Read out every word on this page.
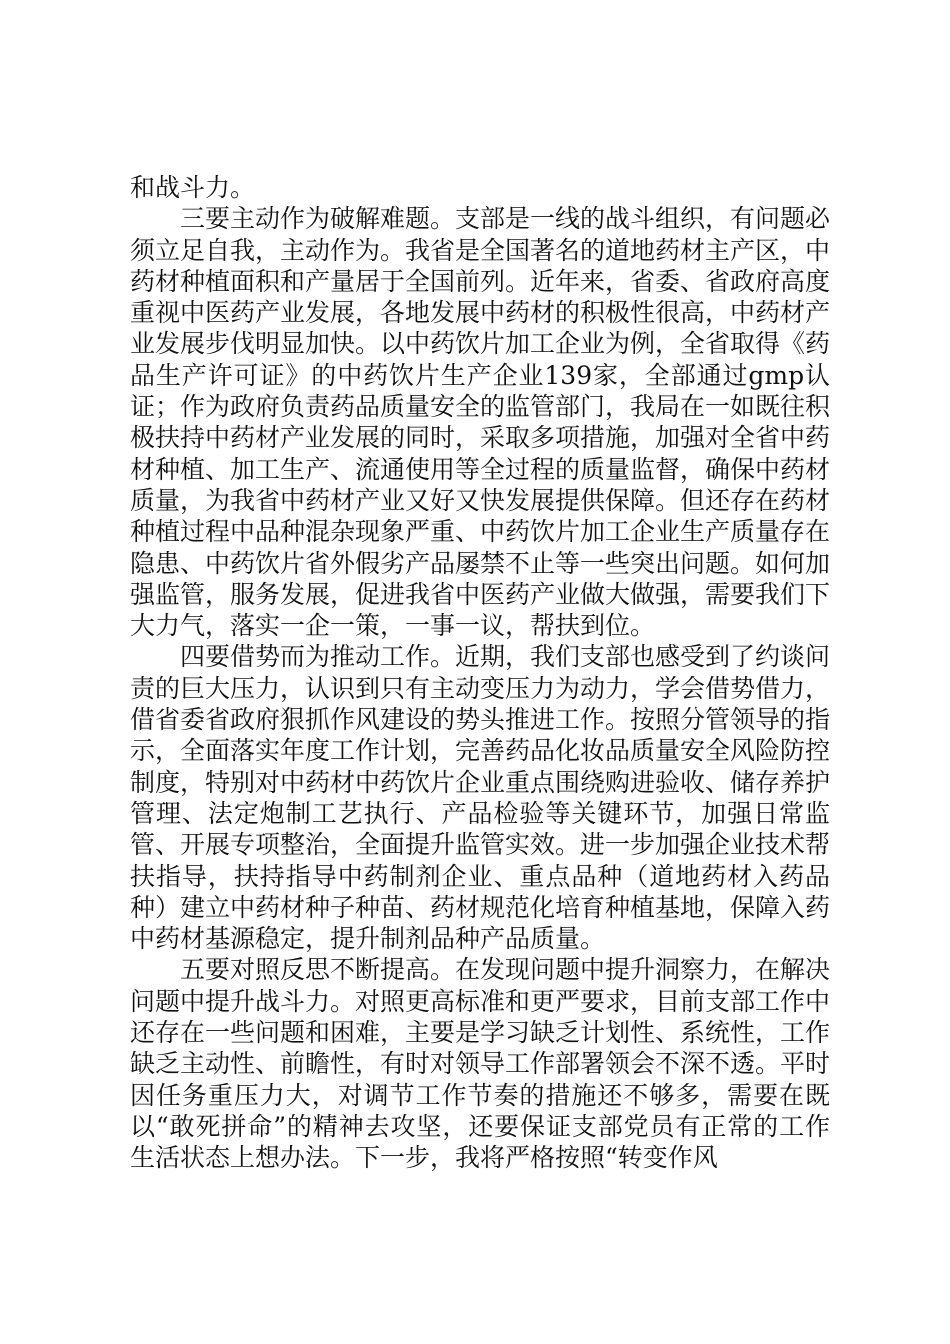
和战斗力。

三要主动作为破解难题。支部是一线的战斗组织，有问题必须立足自我，主动作为。我省是全国著名的道地药材主产区，中药材种植面积和产量居于全国前列。近年来，省委、省政府高度重视中医药产业发展，各地发展中药材的积极性很高，中药材产业发展步伐明显加快。以中药饮片加工企业为例，全省取得《药品生产许可证》的中药饮片生产企业139家，全部通过gmp认证；作为政府负责药品质量安全的监管部门，我局在一如既往积极扶持中药材产业发展的同时，采取多项措施，加强对全省中药材种植、加工生产、流通使用等全过程的质量监督，确保中药材质量，为我省中药材产业又好又快发展提供保障。但还存在药材种植过程中品种混杂现象严重、中药饮片加工企业生产质量存在隐患、中药饮片省外假劣产品屡禁不止等一些突出问题。如何加强监管，服务发展，促进我省中医药产业做大做强，需要我们下大力气，落实一企一策，一事一议，帮扶到位。

四要借势而为推动工作。近期，我们支部也感受到了约谈问责的巨大压力，认识到只有主动变压力为动力，学会借势借力，借省委省政府狠抓作风建设的势头推进工作。按照分管领导的指示，全面落实年度工作计划，完善药品化妆品质量安全风险防控制度，特别对中药材中药饮片企业重点围绕购进验收、储存养护管理、法定炮制工艺执行、产品检验等关键环节，加强日常监管、开展专项整治，全面提升监管实效。进一步加强企业技术帮扶指导，扶持指导中药制剂企业、重点品种（道地药材入药品种）建立中药材种子种苗、药材规范化培育种植基地，保障入药中药材基源稳定，提升制剂品种产品质量。

五要对照反思不断提高。在发现问题中提升洞察力，在解决问题中提升战斗力。对照更高标准和更严要求，目前支部工作中还存在一些问题和困难，主要是学习缺乏计划性、系统性，工作缺乏主动性、前瞻性，有时对领导工作部署领会不深不透。平时因任务重压力大，对调节工作节奏的措施还不够多，需要在既以“敢死拼命”的精神去攻坚，还要保证支部党员有正常的工作生活状态上想办法。下一步，我将严格按照“转变作风
